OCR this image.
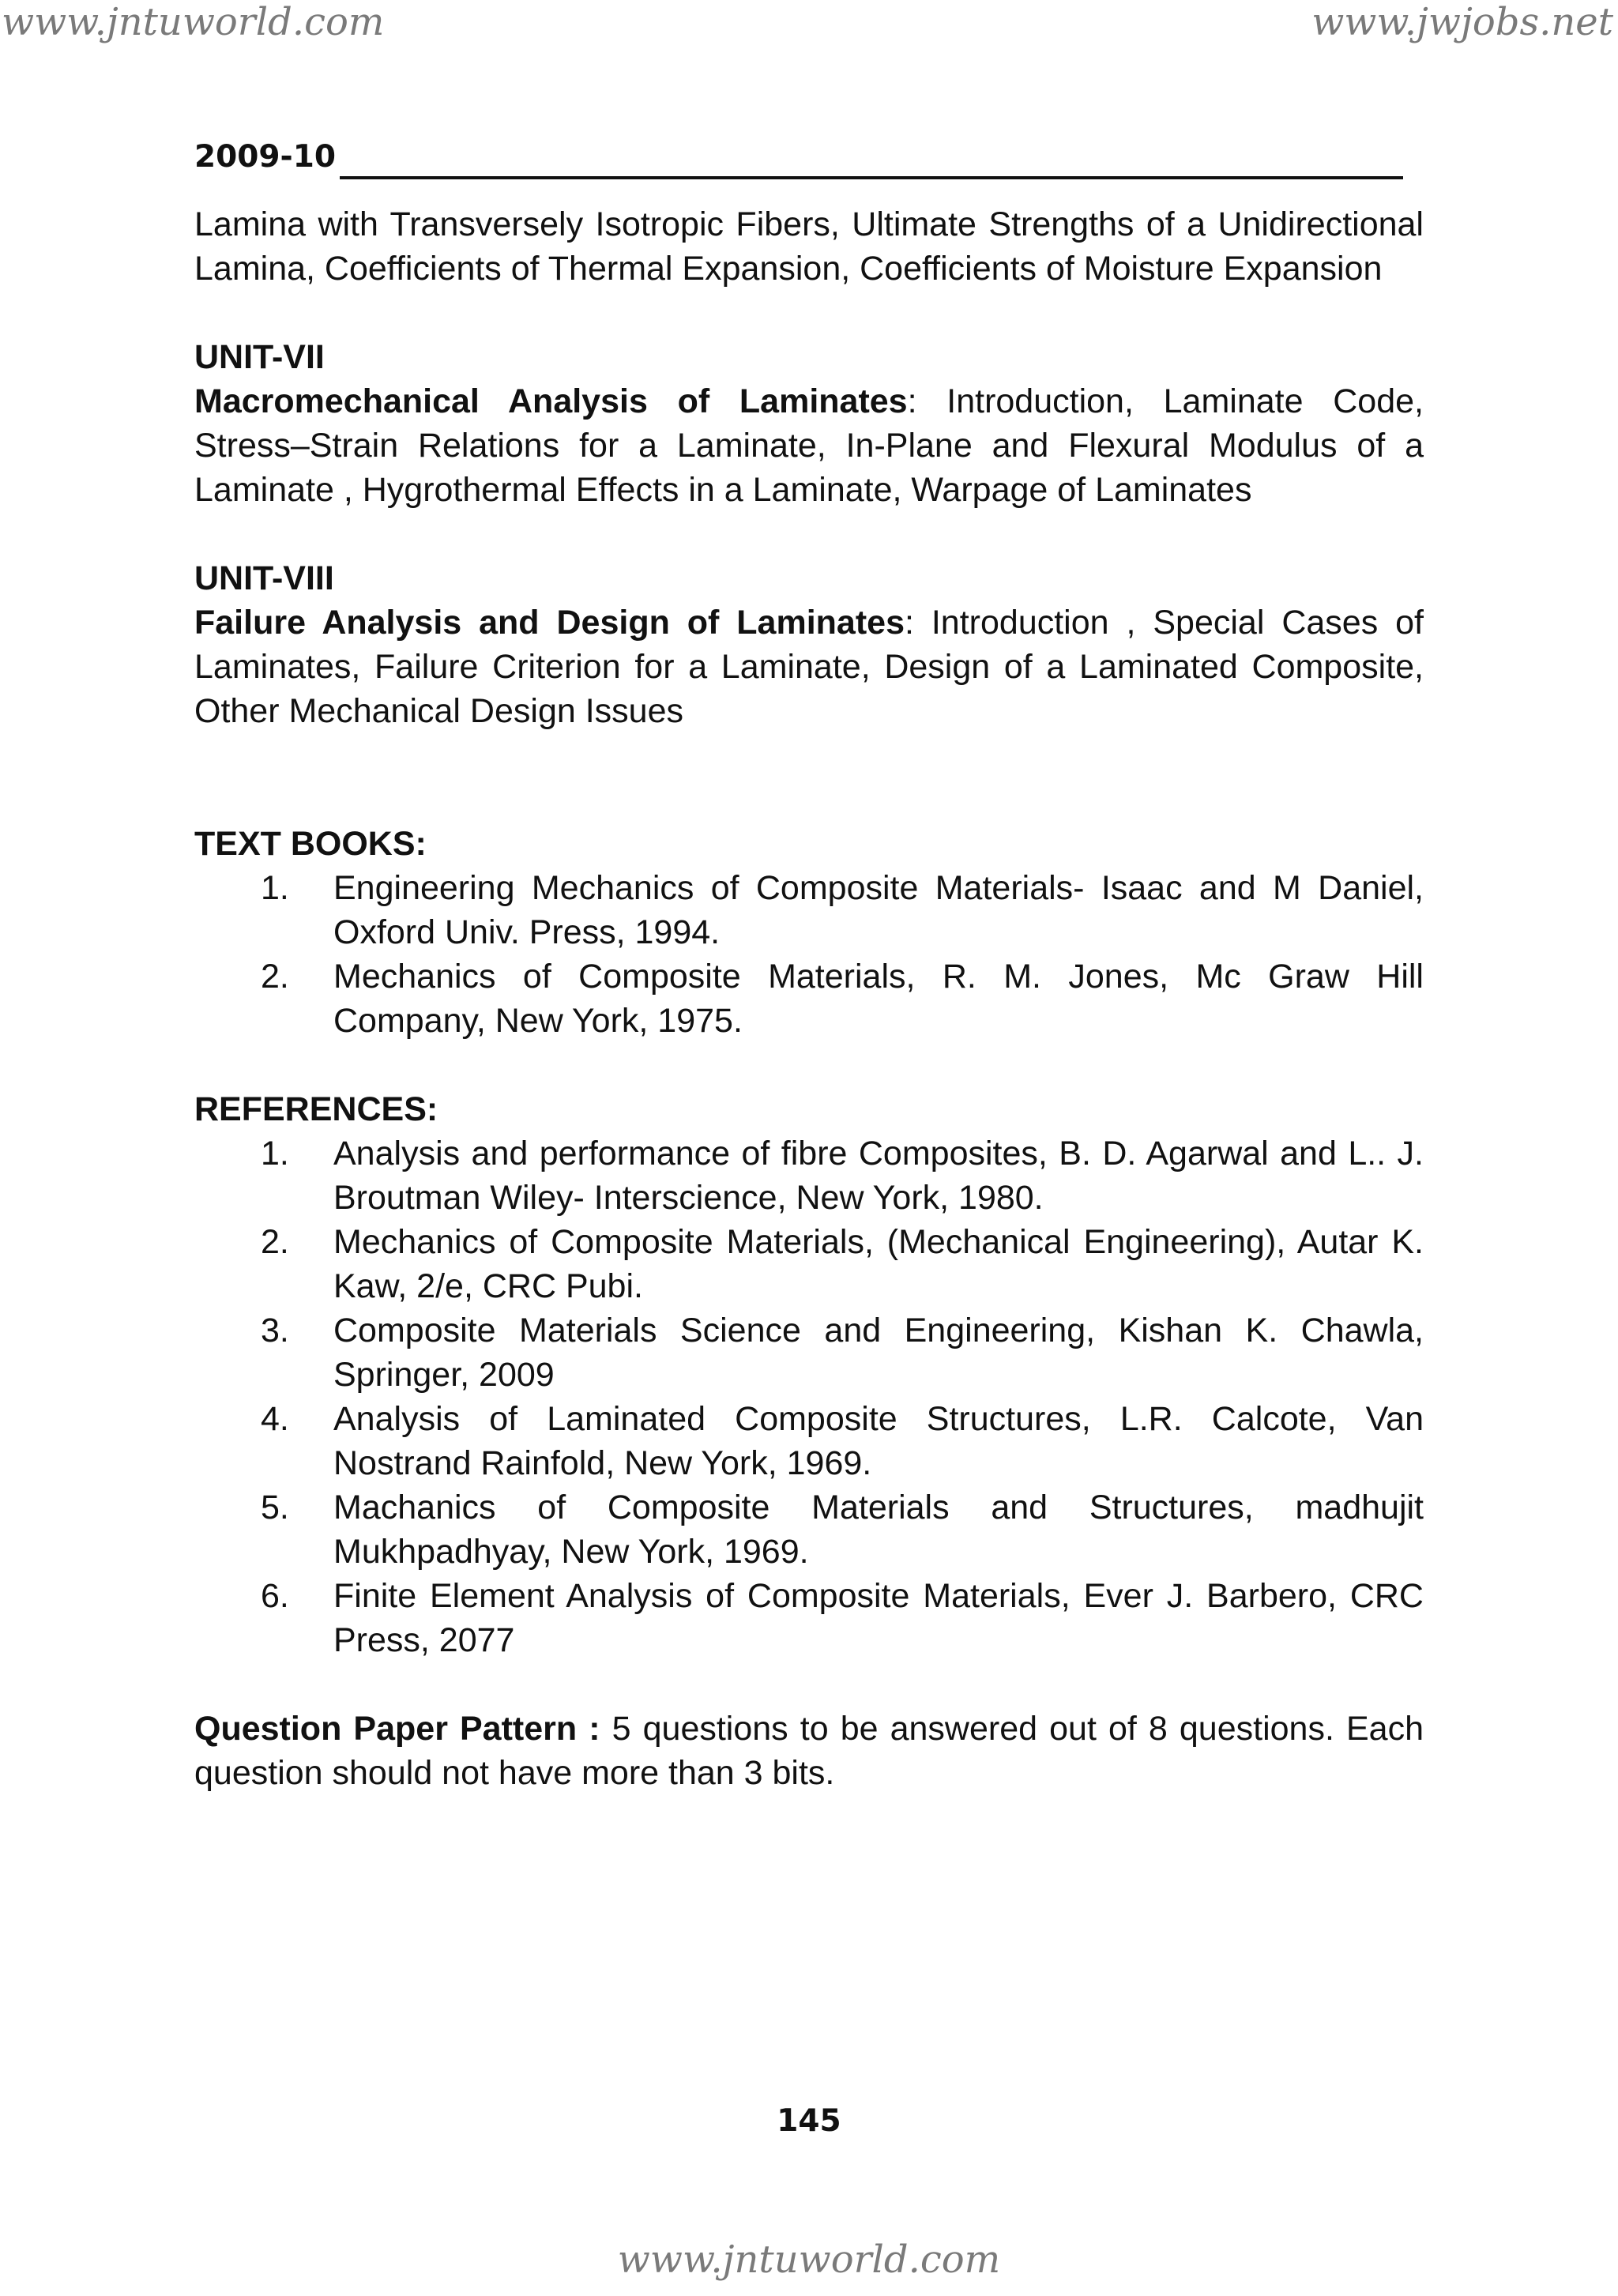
www.jntuworld.com	www.jwjobs.net
2009-10

Lamina with Transversely Isotropic Fibers, Ultimate Strengths of a Unidirectional Lamina, Coefficients of Thermal Expansion, Coefficients of Moisture Expansion

UNIT-VII

Macromechanical Analysis of Laminates: Introduction, Laminate Code, Stress–Strain Relations for a Laminate, In-Plane and Flexural Modulus of a Laminate , Hygrothermal Effects in a Laminate, Warpage of Laminates

UNIT-VIII

Failure Analysis and Design of Laminates: Introduction , Special Cases of Laminates, Failure Criterion for a Laminate, Design of a Laminated Composite, Other Mechanical Design Issues

TEXT BOOKS:

1. Engineering Mechanics of Composite Materials- Isaac and M Daniel, Oxford Univ. Press, 1994.
2. Mechanics of Composite Materials, R. M. Jones, Mc Graw Hill Company, New York, 1975.

REFERENCES:

1. Analysis and performance of fibre Composites, B. D. Agarwal and L.. J. Broutman Wiley- Interscience, New York, 1980.
2. Mechanics of Composite Materials, (Mechanical Engineering), Autar K. Kaw, 2/e, CRC Pubi.
3. Composite Materials Science and Engineering, Kishan K. Chawla, Springer, 2009
4. Analysis of Laminated Composite Structures, L.R. Calcote, Van Nostrand Rainfold, New York, 1969.
5. Machanics of Composite Materials and Structures, madhujit Mukhpadhyay, New York, 1969.
6. Finite Element Analysis of Composite Materials, Ever J. Barbero, CRC Press, 2077

Question Paper Pattern : 5 questions to be answered out of 8 questions. Each question should not have more than 3 bits.

145
www.jntuworld.com
